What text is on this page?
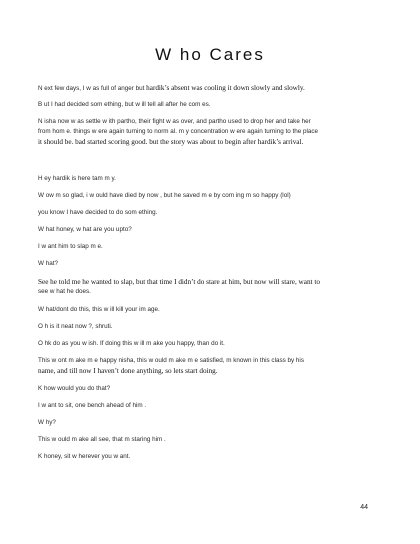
W ho Cares
N ext few days, I w as full of anger but hardik’s absent was cooling it down slowly and slowly.
B ut I had decided som ething, but w ill tell all after he com es.
N isha now w as settle w ith partho, their fight w as over, and partho used to drop her and take her
from hom e. things w ere again turning to norm al. m y concentration w ere again turning to the place
it should be. bad started scoring good. but the story was about to begin after hardik’s arrival.
H ey hardik is here tam m y.
W ow m so glad, i w ould have died by now , but he saved m e by com ing m so happy (lol)
you know I have decided to do som ething.
W hat honey, w hat are you upto?
I w ant him to slap m e.
W hat?
See he told me he wanted to slap, but that time I didn’t do stare at him, but now will stare, want to
see w hat he does.
W hat/dont do this, this w ill kill your im age.
O h is it neat now ?, shruti.
O hk do as you w ish. If doing this w ill m ake you happy, than do it.
This w ont m ake m e happy nisha, this w ould m ake m e satisfied, m known in this class by his
name, and till now I haven’t done anything, so lets start doing.
K how would you do that?
I w ant to sit, one bench ahead of him .
W hy?
This w ould m ake all see, that m staring him .
K honey, sit w herever you w ant.
44
